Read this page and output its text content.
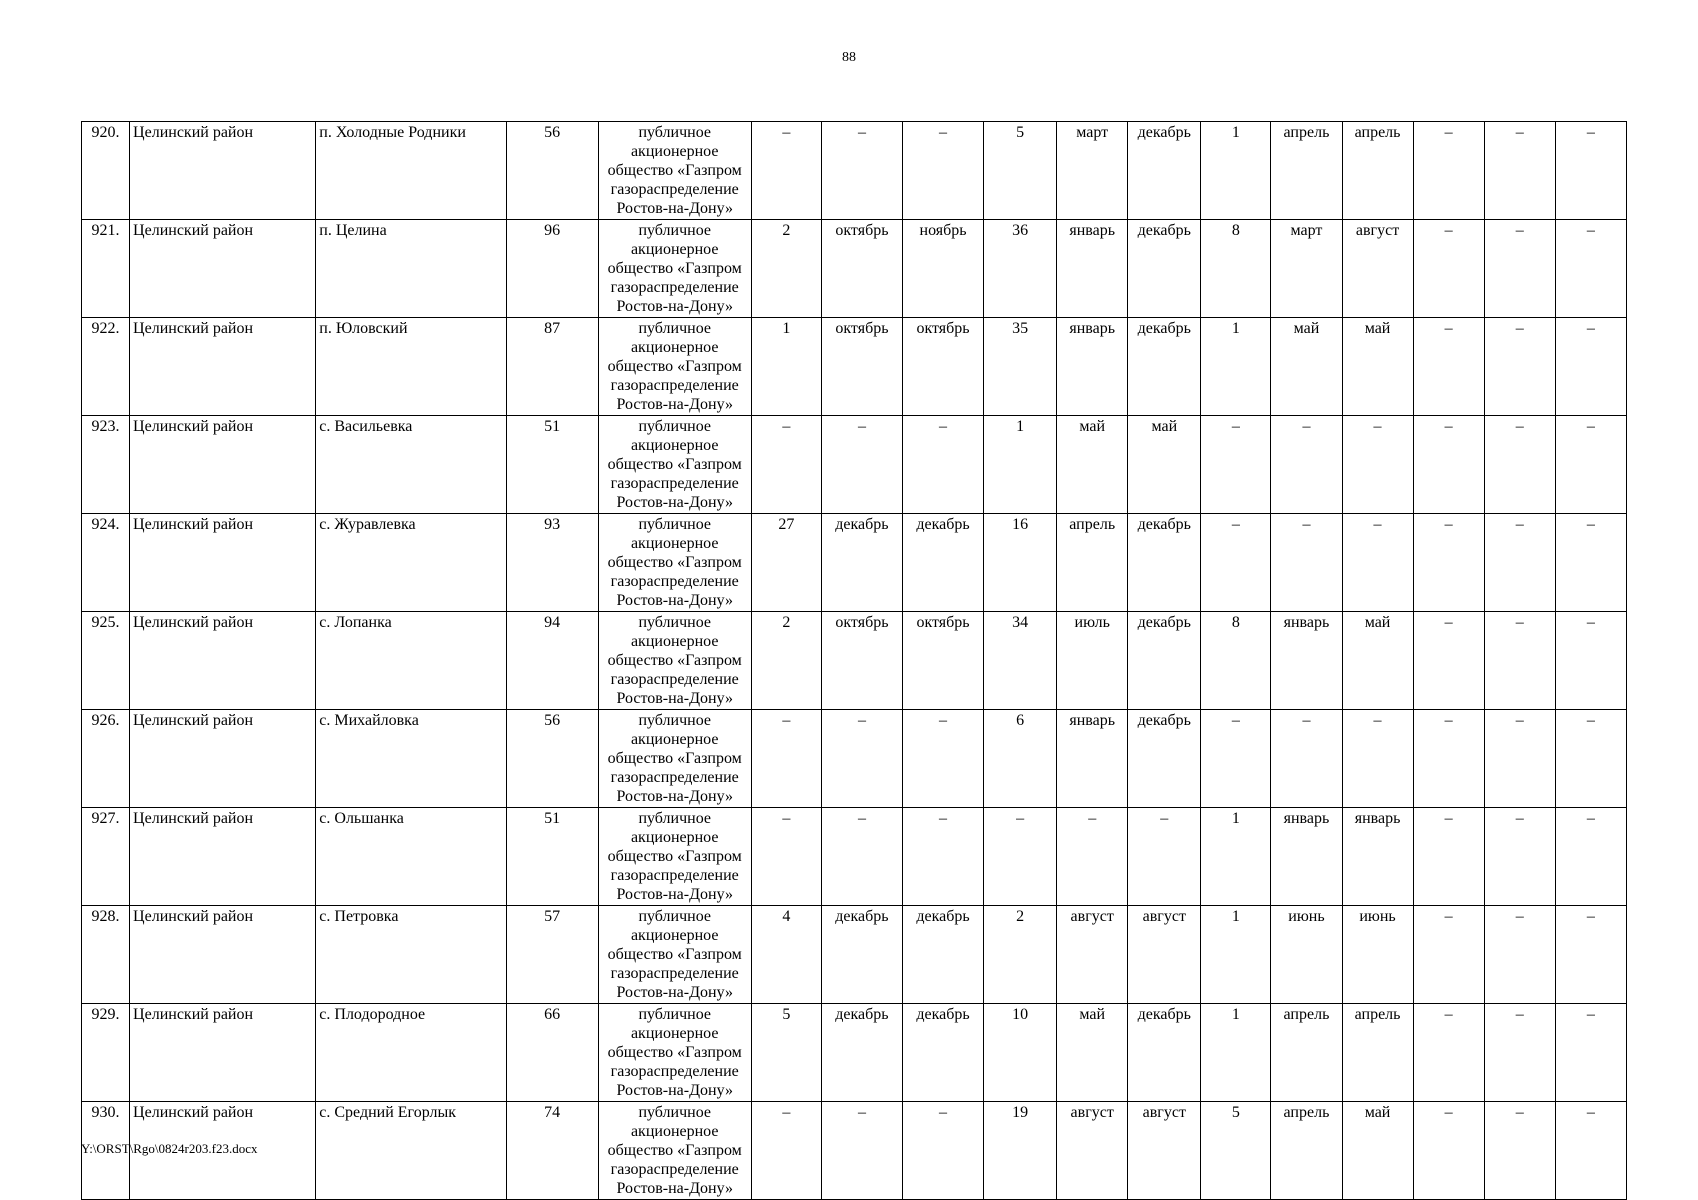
88
920.	Целинский район	п. Холодные Родники	56	публичное акционерное общество «Газпром газораспределение Ростов-на-Дону»	–	–	–	5	март	декабрь	1	апрель	апрель	–	–	–
921.	Целинский район	п. Целина	96	публичное акционерное общество «Газпром газораспределение Ростов-на-Дону»	2	октябрь	ноябрь	36	январь	декабрь	8	март	август	–	–	–
922.	Целинский район	п. Юловский	87	публичное акционерное общество «Газпром газораспределение Ростов-на-Дону»	1	октябрь	октябрь	35	январь	декабрь	1	май	май	–	–	–
923.	Целинский район	с. Васильевка	51	публичное акционерное общество «Газпром газораспределение Ростов-на-Дону»	–	–	–	1	май	май	–	–	–	–	–	–
924.	Целинский район	с. Журавлевка	93	публичное акционерное общество «Газпром газораспределение Ростов-на-Дону»	27	декабрь	декабрь	16	апрель	декабрь	–	–	–	–	–	–
925.	Целинский район	с. Лопанка	94	публичное акционерное общество «Газпром газораспределение Ростов-на-Дону»	2	октябрь	октябрь	34	июль	декабрь	8	январь	май	–	–	–
926.	Целинский район	с. Михайловка	56	публичное акционерное общество «Газпром газораспределение Ростов-на-Дону»	–	–	–	6	январь	декабрь	–	–	–	–	–	–
927.	Целинский район	с. Ольшанка	51	публичное акционерное общество «Газпром газораспределение Ростов-на-Дону»	–	–	–	–	–	–	1	январь	январь	–	–	–
928.	Целинский район	с. Петровка	57	публичное акционерное общество «Газпром газораспределение Ростов-на-Дону»	4	декабрь	декабрь	2	август	август	1	июнь	июнь	–	–	–
929.	Целинский район	с. Плодородное	66	публичное акционерное общество «Газпром газораспределение Ростов-на-Дону»	5	декабрь	декабрь	10	май	декабрь	1	апрель	апрель	–	–	–
930.	Целинский район	с. Средний Егорлык	74	публичное акционерное общество «Газпром газораспределение Ростов-на-Дону»	–	–	–	19	август	август	5	апрель	май	–	–	–
Y:\ORST\Rgo\0824r203.f23.docx
